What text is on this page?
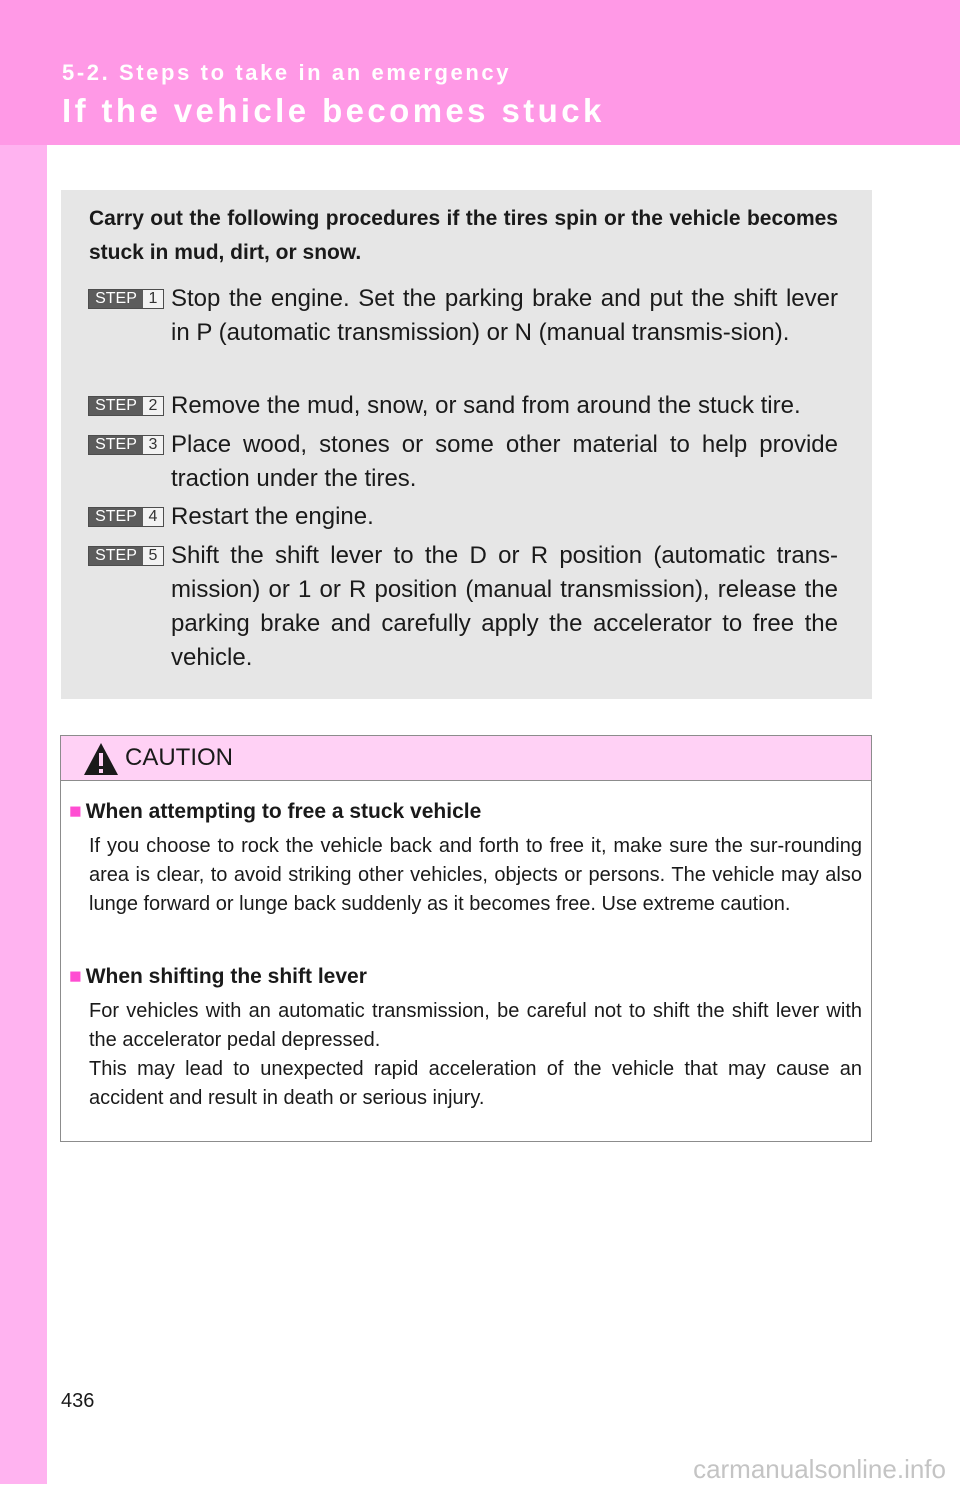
5-2. Steps to take in an emergency
If the vehicle becomes stuck
Carry out the following procedures if the tires spin or the vehicle becomes stuck in mud, dirt, or snow.
STEP 1 Stop the engine. Set the parking brake and put the shift lever in P (automatic transmission) or N (manual transmis-sion).
STEP 2 Remove the mud, snow, or sand from around the stuck tire.
STEP 3 Place wood, stones or some other material to help provide traction under the tires.
STEP 4 Restart the engine.
STEP 5 Shift the shift lever to the D or R position (automatic trans-mission) or 1 or R position (manual transmission), release the parking brake and carefully apply the accelerator to free the vehicle.
CAUTION
■ When attempting to free a stuck vehicle
If you choose to rock the vehicle back and forth to free it, make sure the sur-rounding area is clear, to avoid striking other vehicles, objects or persons. The vehicle may also lunge forward or lunge back suddenly as it becomes free. Use extreme caution.
■ When shifting the shift lever
For vehicles with an automatic transmission, be careful not to shift the shift lever with the accelerator pedal depressed.
This may lead to unexpected rapid acceleration of the vehicle that may cause an accident and result in death or serious injury.
436
carmanualsonline.info
